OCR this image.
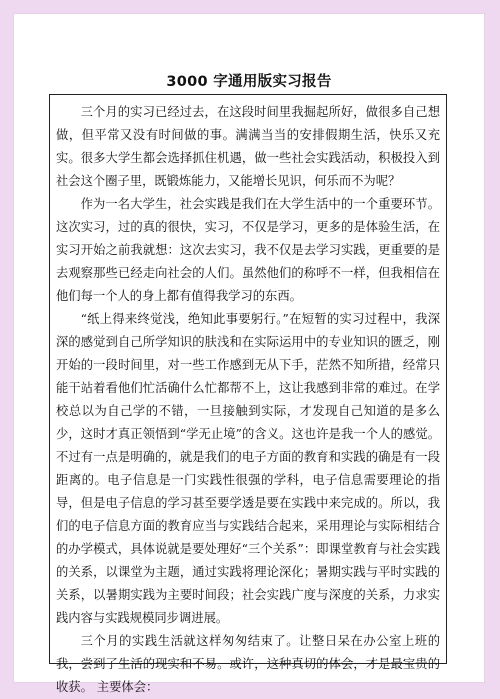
3000 字通用版实习报告

三个月的实习已经过去，在这段时间里我掘起所好，做很多自己想做，但平常又没有时间做的事。满满当当的安排假期生活，快乐又充实。很多大学生都会选择抓住机遇，做一些社会实践活动，积极投入到社会这个圈子里，既锻炼能力，又能增长见识，何乐而不为呢？

作为一名大学生，社会实践是我们在大学生活中的一个重要环节。这次实习，过的真的很快，实习，不仅是学习，更多的是体验生活，在实习开始之前我就想：这次去实习，我不仅是去学习实践，更重要的是去观察那些已经走向社会的人们。虽然他们的称呼不一样，但我相信在他们每一个人的身上都有值得我学习的东西。

“纸上得来终觉浅，绝知此事要躬行。”在短暂的实习过程中，我深深的感觉到自己所学知识的肤浅和在实际运用中的专业知识的匮乏，刚开始的一段时间里，对一些工作感到无从下手，茫然不知所措，经常只能干站着看他们忙活确什么忙都帮不上，这让我感到非常的难过。在学校总以为自己学的不错，一旦接触到实际，才发现自己知道的是多么少，这时才真正领悟到“学无止境”的含义。这也许是我一个人的感觉。不过有一点是明确的，就是我们的电子方面的教育和实践的确是有一段距离的。电子信息是一门实践性很强的学科，电子信息需要理论的指导，但是电子信息的学习甚至要学透是要在实践中来完成的。所以，我们的电子信息方面的教育应当与实践结合起来，采用理论与实际相结合的办学模式，具体说就是要处理好“三个关系”：即课堂教育与社会实践的关系，以课堂为主题，通过实践将理论深化；暑期实践与平时实践的关系，以暑期实践为主要时间段；社会实践广度与深度的关系，力求实践内容与实践规模同步调进展。

三个月的实践生活就这样匆匆结束了。让整日呆在办公室上班的我，尝到了生活的现实和不易。或许，这种真切的体会，才是最宝贵的收获。 主要体会：
